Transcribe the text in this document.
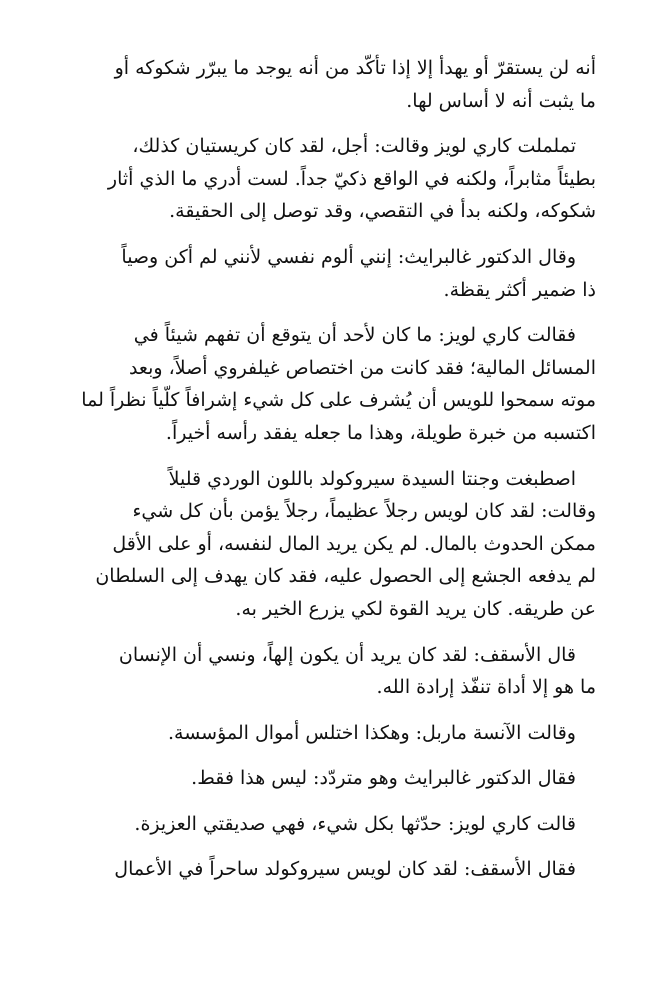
أنه لن يستقرّ أو يهدأ إلا إذا تأكّد من أنه يوجد ما يبرّر شكوكه أو
ما يثبت أنه لا أساس لها.
تململت كاري لويز وقالت: أجل، لقد كان كريستيان كذلك،
بطيئاً مثابراً، ولكنه في الواقع ذكيّ جداً. لست أدري ما الذي أثار
شكوكه، ولكنه بدأ في التقصي، وقد توصل إلى الحقيقة.
وقال الدكتور غالبرايث: إنني ألوم نفسي لأنني لم أكن وصياً
ذا ضمير أكثر يقظة.
فقالت كاري لويز: ما كان لأحد أن يتوقع أن تفهم شيئاً في
المسائل المالية؛ فقد كانت من اختصاص غيلفروي أصلاً، وبعد
موته سمحوا للويس أن يُشرف على كل شيء إشرافاً كلّياً نظراً لما
اكتسبه من خبرة طويلة، وهذا ما جعله يفقد رأسه أخيراً.
اصطبغت وجنتا السيدة سيروكولد باللون الوردي قليلاً
وقالت: لقد كان لويس رجلاً عظيماً، رجلاً يؤمن بأن كل شيء
ممكن الحدوث بالمال. لم يكن يريد المال لنفسه، أو على الأقل
لم يدفعه الجشع إلى الحصول عليه، فقد كان يهدف إلى السلطان
عن طريقه. كان يريد القوة لكي يزرع الخير به.
قال الأسقف: لقد كان يريد أن يكون إلهاً، ونسي أن الإنسان
ما هو إلا أداة تنفّذ إرادة الله.
وقالت الآنسة ماربل: وهكذا اختلس أموال المؤسسة.
فقال الدكتور غالبرايث وهو متردّد: ليس هذا فقط.
قالت كاري لويز: حدّثها بكل شيء، فهي صديقتي العزيزة.
فقال الأسقف: لقد كان لويس سيروكولد ساحراً في الأعمال
